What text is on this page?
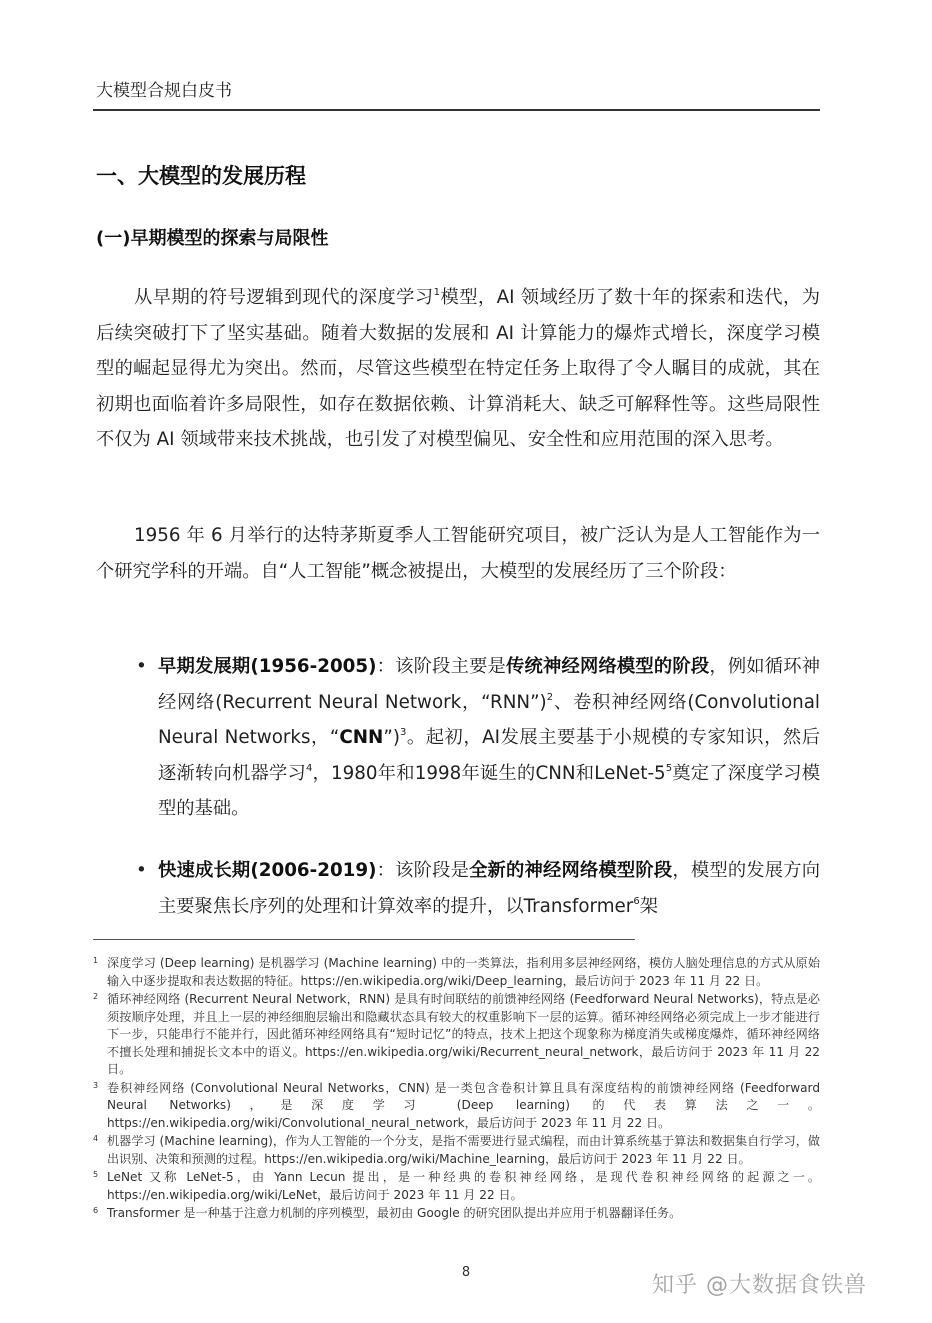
大模型合规白皮书
一、大模型的发展历程
(一)早期模型的探索与局限性

从早期的符号逻辑到现代的深度学习$^1$模型，AI 领域经历了数十年的探索和迭代，为后续突破打下了坚实基础。随着大数据的发展和 AI 计算能力的爆炸式增长，深度学习模型的崛起显得尤为突出。然而，尽管这些模型在特定任务上取得了令人瞩目的成就，其在初期也面临着许多局限性，如存在数据依赖、计算消耗大、缺乏可解释性等。这些局限性不仅为 AI 领域带来技术挑战，也引发了对模型偏见、安全性和应用范围的深入思考。

1956 年 6 月举行的达特茅斯夏季人工智能研究项目，被广泛认为是人工智能作为一个研究学科的开端。自“人工智能”概念被提出，大模型的发展经历了三个阶段：

• 早期发展期(1956-2005)：该阶段主要是传统神经网络模型的阶段，例如循环神经网络(Recurrent Neural Network，“RNN”)$^2$、卷积神经网络(Convolutional Neural Networks，“CNN”)$^3$。起初，AI发展主要基于小规模的专家知识，然后逐渐转向机器学习$^4$，1980年和1998年诞生的CNN和LeNet-$5^5$奠定了深度学习模型的基础。
• 快速成长期(2006-2019)：该阶段是全新的神经网络模型阶段，模型的发展方向主要聚焦长序列的处理和计算效率的提升，以Transformer$^6$架
1 深度学习 (Deep learning) 是机器学习 (Machine learning) 中的一类算法，指利用多层神经网络，模仿人脑处理信息的方式从原始输入中逐步提取和表达数据的特征。https://en.wikipedia.org/wiki/Deep_learning，最后访问于 2023 年 11 月 22 日。
2 循环神经网络 (Recurrent Neural Network，RNN) 是具有时间联结的前馈神经网络 (Feedforward Neural Networks)，特点是必须按顺序处理，并且上一层的神经细胞层输出和隐藏状态具有较大的权重影响下一层的运算。循环神经网络必须完成上一步才能进行下一步，只能串行不能并行，因此循环神经网络具有“短时记忆”的特点，技术上把这个现象称为梯度消失或梯度爆炸，循环神经网络不擅长处理和捕捉长文本中的语义。https://en.wikipedia.org/wiki/Recurrent_neural_network，最后访问于 2023 年 11 月 22 日。
3 卷积神经网络 (Convolutional Neural Networks，CNN) 是一类包含卷积计算且具有深度结构的前馈神经网络 (Feedforward Neural Networks)，是深度学习 (Deep learning) 的代表算法之一。https://en.wikipedia.org/wiki/Convolutional_neural_network，最后访问于 2023 年 11 月 22 日。
4 机器学习 (Machine learning)，作为人工智能的一个分支，是指不需要进行显式编程，而由计算系统基于算法和数据集自行学习，做出识别、决策和预测的过程。https://en.wikipedia.org/wiki/Machine_learning，最后访问于 2023 年 11 月 22 日。
5 LeNet 又称 LeNet-5，由 Yann Lecun 提出，是一种经典的卷积神经网络，是现代卷积神经网络的起源之一。https://en.wikipedia.org/wiki/LeNet，最后访问于 2023 年 11 月 22 日。
6 Transformer 是一种基于注意力机制的序列模型，最初由 Google 的研究团队提出并应用于机器翻译任务。
8
知乎 @大数据食铁兽
